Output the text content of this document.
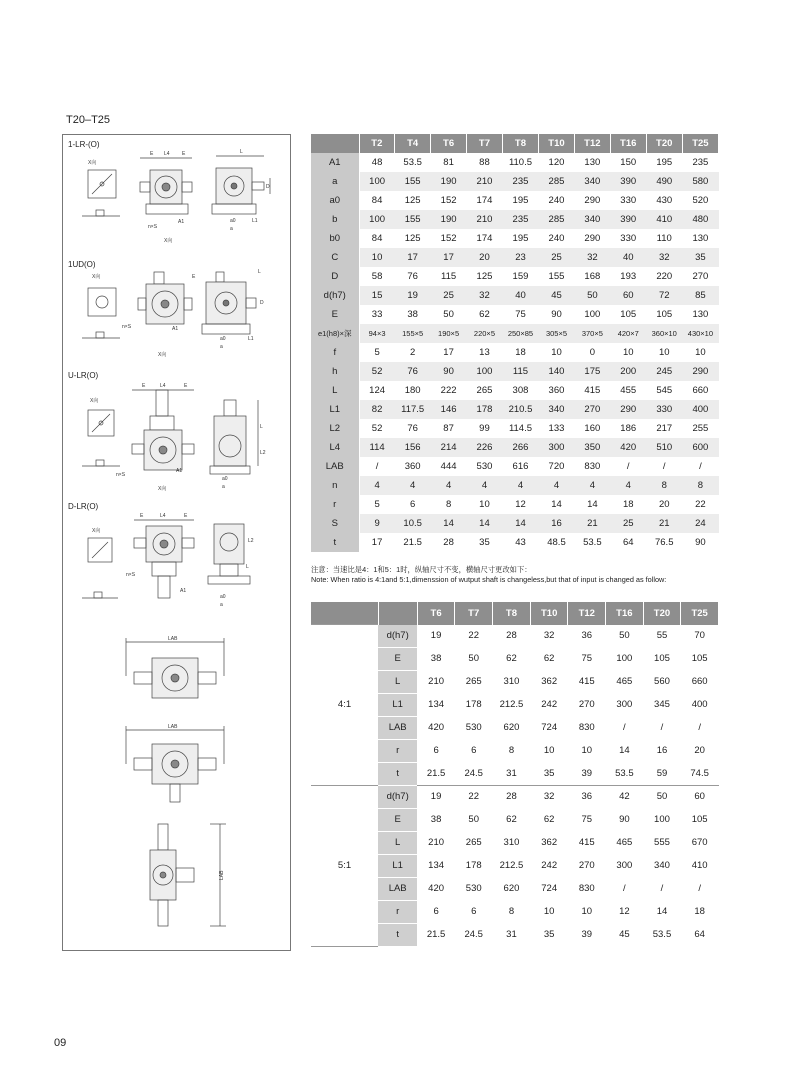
T20–T25
1-LR-(O)
1UD(O)
U-LR(O)
D-LR(O)
E L4 E	L
D
n×S
A1
X向
X向
a0
a
L1
E
L
D
n×S	A1
X向
X向
a0
a
L1
E	L4	E
L
L2
n×S
A1
X向
X向
a0
a
E	L4	E
L2
L
n×S
A1
X向
a0
a
LAB
LAB
LAB
	T2	T4	T6	T7	T8	T10	T12	T16	T20	T25
A1	48	53.5	81	88	110.5	120	130	150	195	235
a	100	155	190	210	235	285	340	390	490	580
a0	84	125	152	174	195	240	290	330	430	520
b	100	155	190	210	235	285	340	390	410	480
b0	84	125	152	174	195	240	290	330	110	130
C	10	17	17	20	23	25	32	40	32	35
D	58	76	115	125	159	155	168	193	220	270
d(h7)	15	19	25	32	40	45	50	60	72	85
E	33	38	50	62	75	90	100	105	105	130
e1(h8)×深	94×3	155×5	190×5	220×5	250×85	305×5	370×5	420×7	360×10	430×10
f	5	2	17	13	18	10	0	10	10	10
h	52	76	90	100	115	140	175	200	245	290
L	124	180	222	265	308	360	415	455	545	660
L1	82	117.5	146	178	210.5	340	270	290	330	400
L2	52	76	87	99	114.5	133	160	186	217	255
L4	114	156	214	226	266	300	350	420	510	600
LAB	/	360	444	530	616	720	830	/	/	/
n	4	4	4	4	4	4	4	4	8	8
r	5	6	8	10	12	14	14	18	20	22
S	9	10.5	14	14	14	16	21	25	21	24
t	17	21.5	28	35	43	48.5	53.5	64	76.5	90
注意：当速比是4：1和5：1时，纵轴尺寸不变，横轴尺寸更改如下：
Note: When ratio is 4:1and 5:1,dimenssion of wutput shaft is changeless,but that of input is changed as follow:
		T6	T7	T8	T10	T12	T16	T20	T25
4:1	d(h7)	19	22	28	32	36	50	55	70
	E	38	50	62	62	75	100	105	105
	L	210	265	310	362	415	465	560	660
	L1	134	178	212.5	242	270	300	345	400
	LAB	420	530	620	724	830	/	/	/
	r	6	6	8	10	10	14	16	20
	t	21.5	24.5	31	35	39	53.5	59	74.5
5:1	d(h7)	19	22	28	32	36	42	50	60
	E	38	50	62	62	75	90	100	105
	L	210	265	310	362	415	465	555	670
	L1	134	178	212.5	242	270	300	340	410
	LAB	420	530	620	724	830	/	/	/
	r	6	6	8	10	10	12	14	18
	t	21.5	24.5	31	35	39	45	53.5	64
09
